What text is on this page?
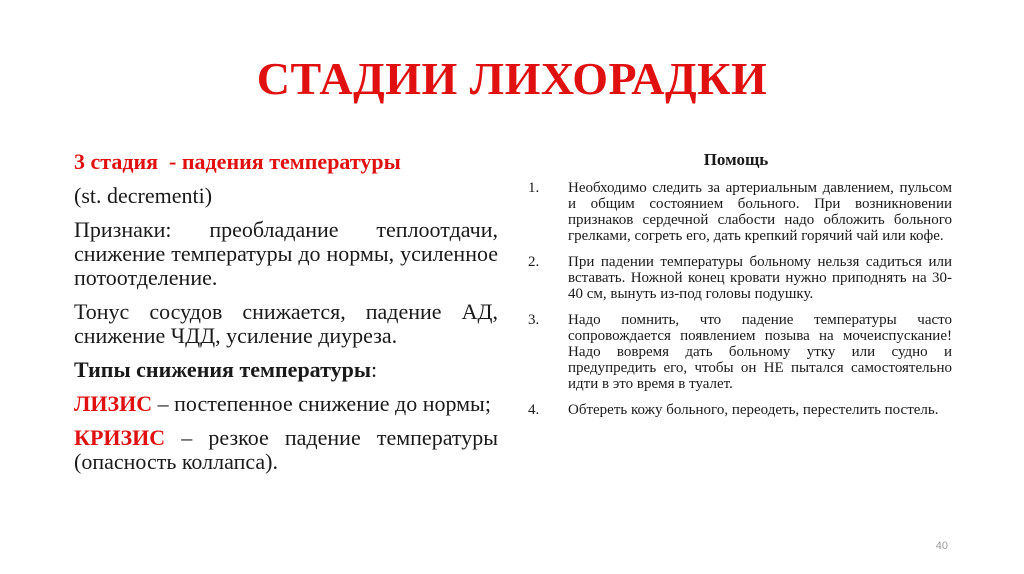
СТАДИИ ЛИХОРАДКИ

3 стадия  - падения температуры

(st. decrementi)

Признаки: преобладание теплоотдачи, снижение температуры до нормы, усиленное потоотделение.

Тонус сосудов снижается, падение АД, снижение ЧДД, усиление диуреза.

Типы снижения температуры:

ЛИЗИС – постепенное снижение до нормы;

КРИЗИС – резкое падение температуры (опасность коллапса).

Помощь
1. Необходимо следить за артериальным давлением, пульсом и общим состоянием больного. При возникновении признаков сердечной слабости надо обложить больного грелками, согреть его, дать крепкий горячий чай или кофе.
2. При падении температуры больному нельзя садиться или вставать. Ножной конец кровати нужно приподнять на 30-40 см, вынуть из-под головы подушку.
3. Надо помнить, что падение температуры часто сопровождается появлением позыва на мочеиспускание! Надо вовремя дать больному утку или судно и предупредить его, чтобы он НЕ пытался самостоятельно идти в это время в туалет.
4. Обтереть кожу больного, переодеть, перестелить постель.
40
